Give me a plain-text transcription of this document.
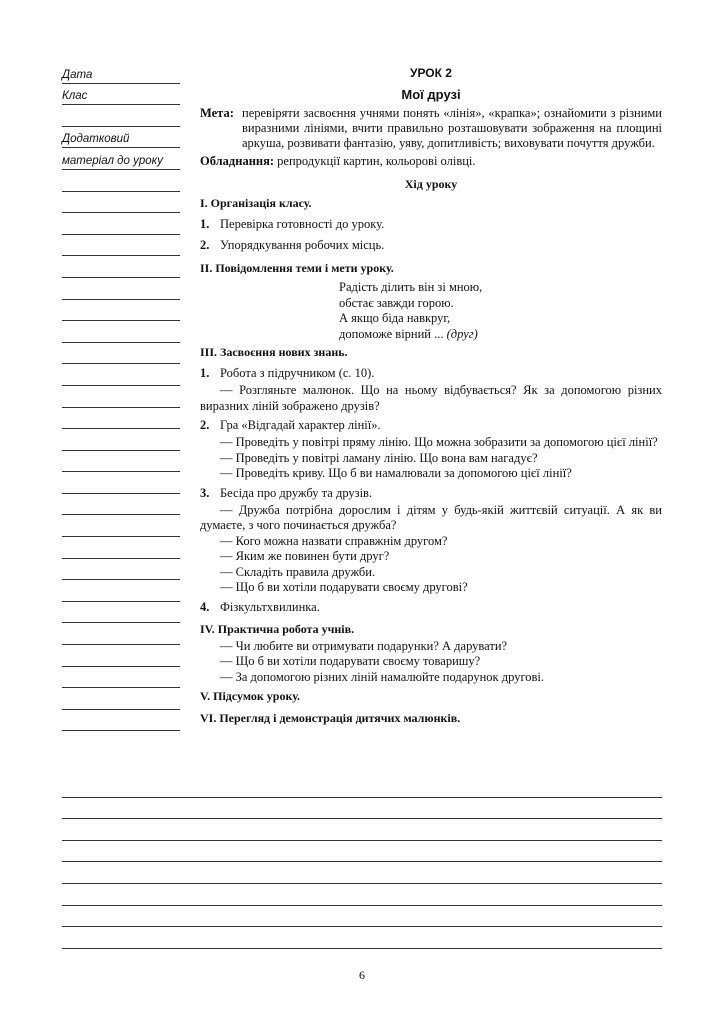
Дата
Клас
Додатковий
матеріал до уроку
УРОК 2
Мої друзі
Мета: перевіряти засвоєння учнями понять «лінія», «крапка»; ознайомити з різними виразними лініями, вчити правильно розташовувати зображення на площині аркуша, розвивати фантазію, уяву, допитливість; виховувати почуття дружби.
Обладнання: репродукції картин, кольорові олівці.
Хід уроку
I. Організація класу.
1. Перевірка готовності до уроку.
2. Упорядкування робочих місць.
II. Повідомлення теми і мети уроку.
Радість ділить він зі мною,
обстає завжди горою.
А якщо біда навкруг,
допоможе вірний ... (друг)
III. Засвоєння нових знань.
1. Робота з підручником (с. 10).
— Розгляньте малюнок. Що на ньому відбувається? Як за допомогою різних виразних ліній зображено друзів?
2. Гра «Відгадай характер лінії».
— Проведіть у повітрі пряму лінію. Що можна зобразити за допомогою цієї лінії?
— Проведіть у повітрі ламану лінію. Що вона вам нагадує?
— Проведіть криву. Що б ви намалювали за допомогою цієї лінії?
3. Бесіда про дружбу та друзів.
— Дружба потрібна дорослим і дітям у будь-якій життєвій ситуації. А як ви думаєте, з чого починається дружба?
— Кого можна назвати справжнім другом?
— Яким же повинен бути друг?
— Складіть правила дружби.
— Що б ви хотіли подарувати своєму другові?
4. Фізкультхвилинка.
IV. Практична робота учнів.
— Чи любите ви отримувати подарунки? А дарувати?
— Що б ви хотіли подарувати своєму товаришу?
— За допомогою різних ліній намалюйте подарунок другові.
V. Підсумок уроку.
VI. Перегляд і демонстрація дитячих малюнків.
6
